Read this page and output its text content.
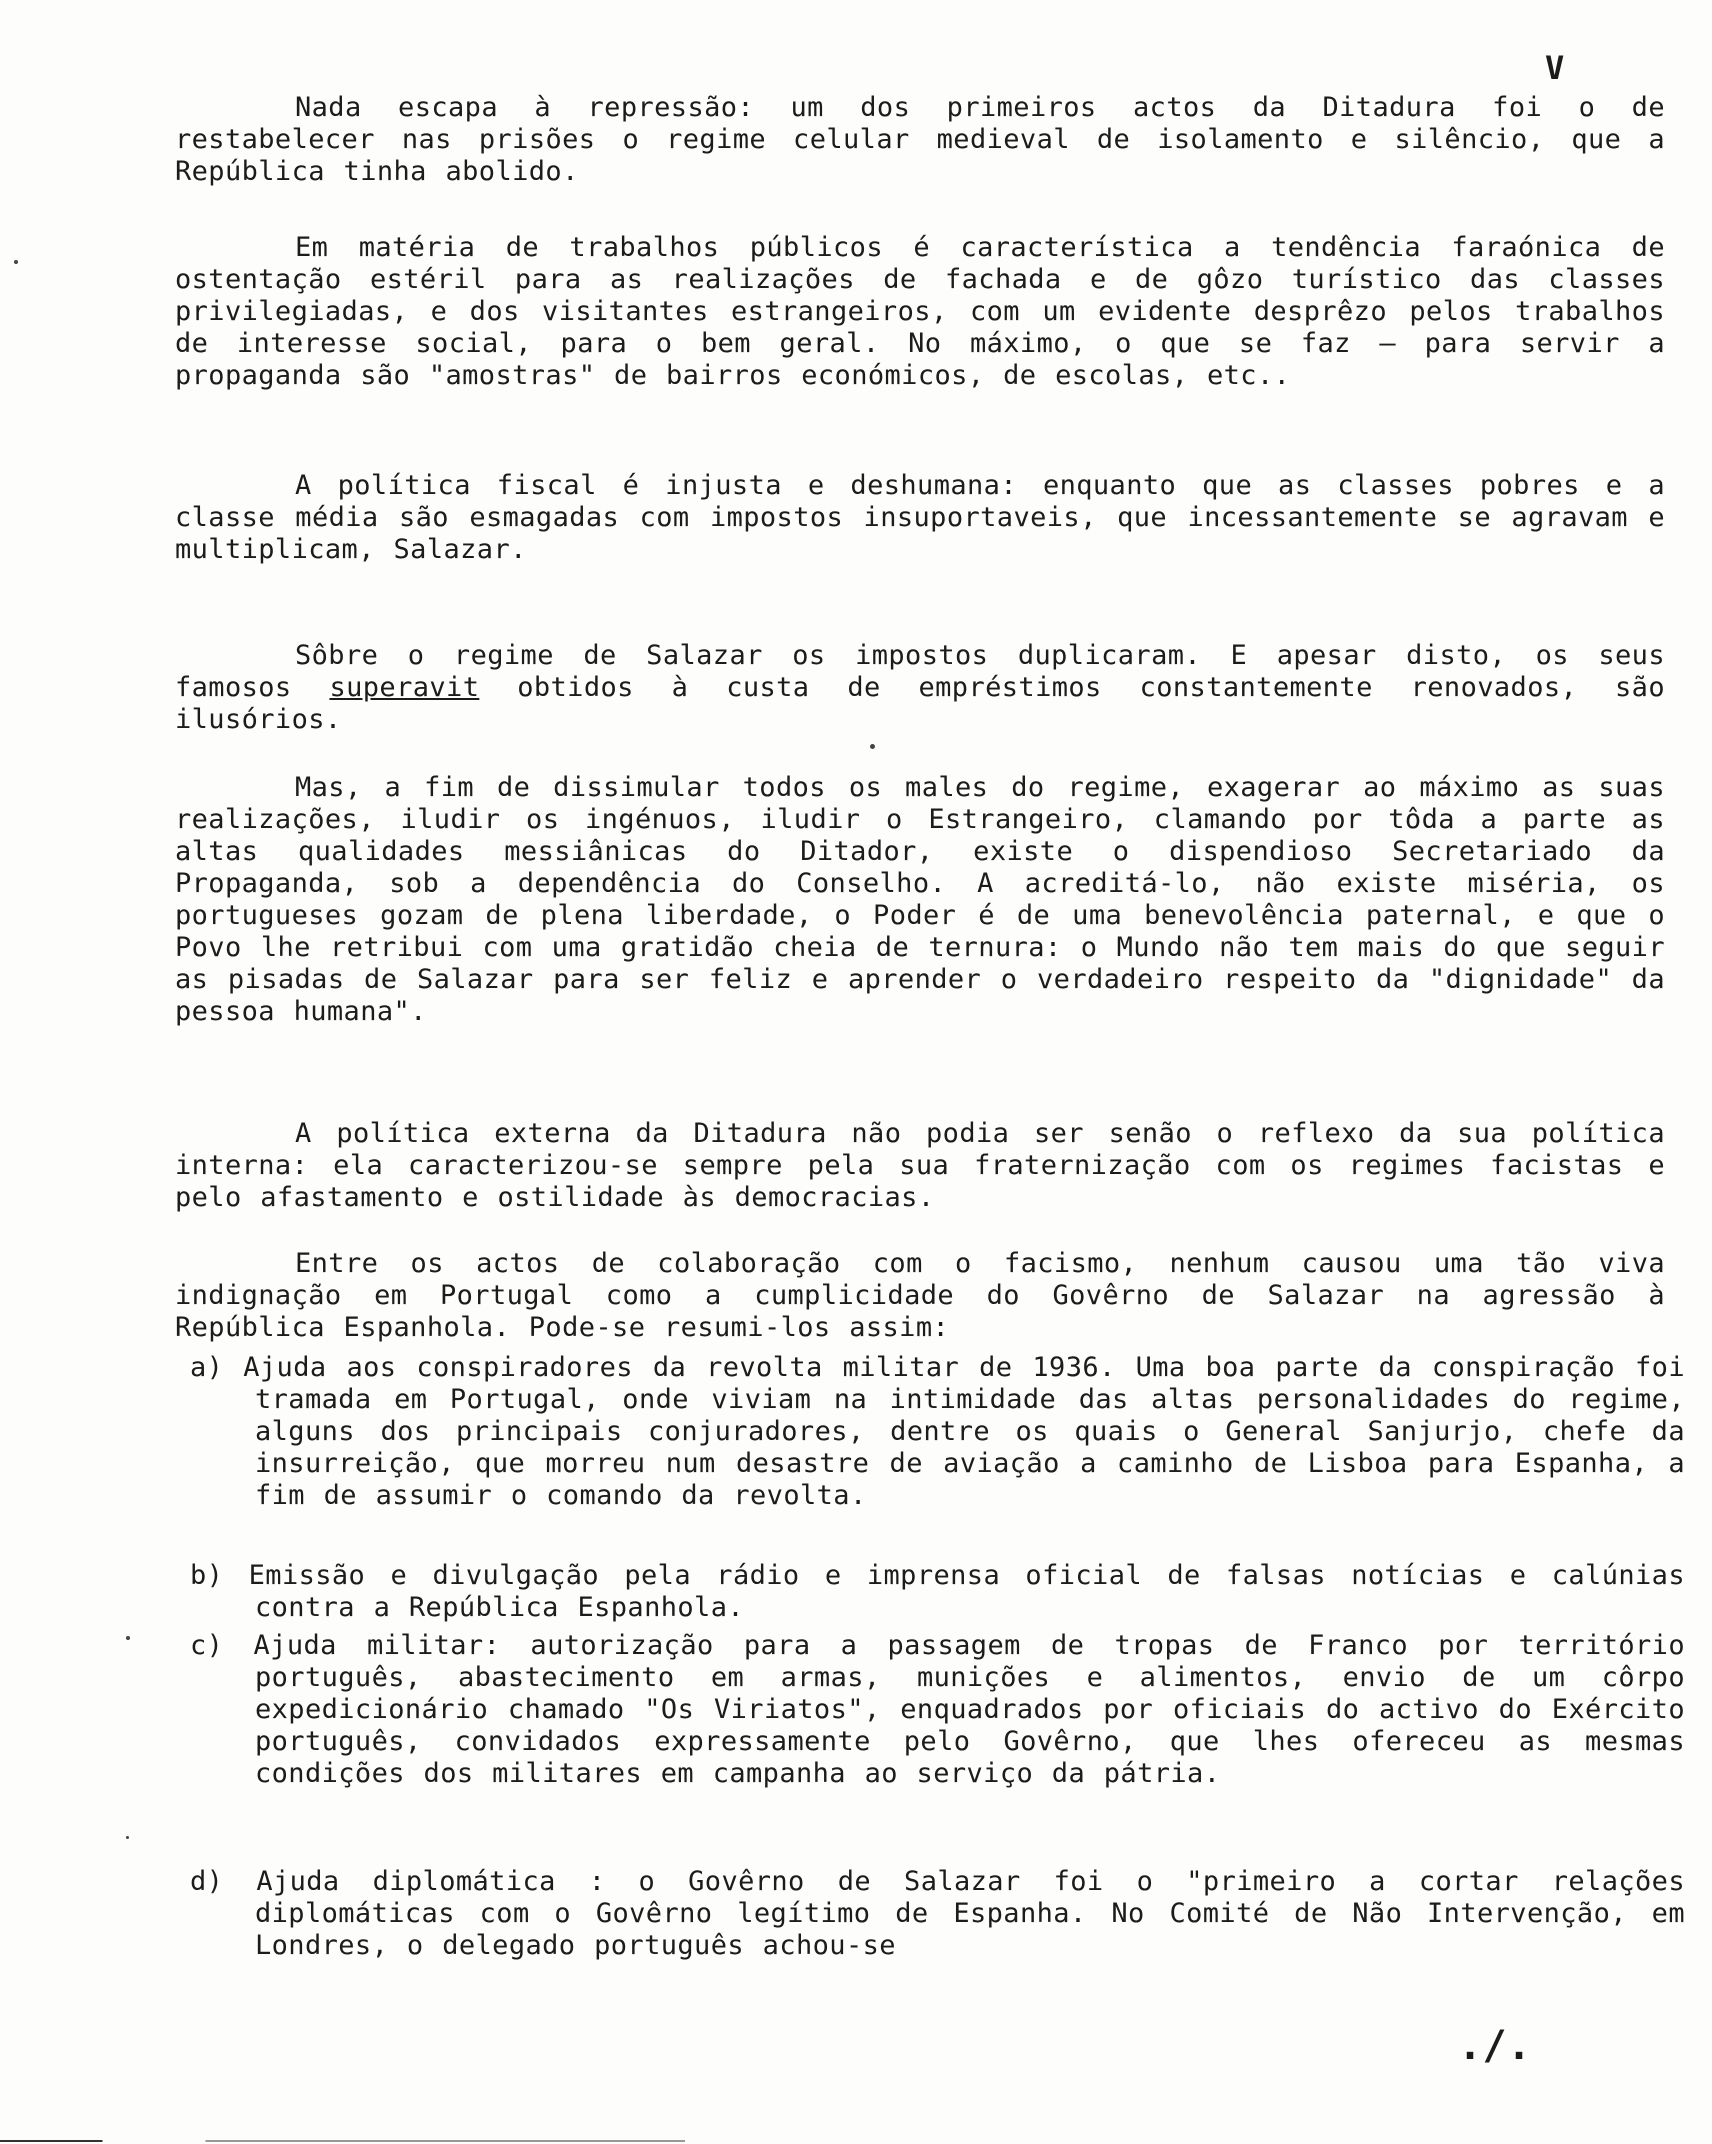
V

Nada escapa à repressão: um dos primeiros actos da Ditadura foi o de restabelecer nas prisões o regime celular medieval de isolamento e silêncio, que a República tinha abolido.

Em matéria de trabalhos públicos é característica a tendência faraónica de ostentação estéril para as realizações de fachada e de gôzo turístico das classes privilegiadas, e dos visitantes estrangeiros, com um evidente desprêzo pelos trabalhos de interesse social, para o bem geral. No máximo, o que se faz – para servir a propaganda são "amostras" de bairros económicos, de escolas, etc..

A política fiscal é injusta e deshumana: enquanto que as classes pobres e a classe média são esmagadas com impostos insuportaveis, que incessantemente se agravam e multiplicam, Salazar.

Sôbre o regime de Salazar os impostos duplicaram. E apesar disto, os seus famosos superavit obtidos à custa de empréstimos constantemente renovados, são ilusórios.

Mas, a fim de dissimular todos os males do regime, exagerar ao máximo as suas realizações, iludir os ingénuos, iludir o Estrangeiro, clamando por tôda a parte as altas qualidades messiânicas do Ditador, existe o dispendioso Secretariado da Propaganda, sob a dependência do Conselho. A acreditá-lo, não existe miséria, os portugueses gozam de plena liberdade, o Poder é de uma benevolência paternal, e que o Povo lhe retribui com uma gratidão cheia de ternura: o Mundo não tem mais do que seguir as pisadas de Salazar para ser feliz e aprender o verdadeiro respeito da "dignidade" da pessoa humana".

A política externa da Ditadura não podia ser senão o reflexo da sua política interna: ela caracterizou-se sempre pela sua fraternização com os regimes facistas e pelo afastamento e ostilidade às democracias.

Entre os actos de colaboração com o facismo, nenhum causou uma tão viva indignação em Portugal como a cumplicidade do Govêrno de Salazar na agressão à República Espanhola. Pode-se resumi-los assim:

a) Ajuda aos conspiradores da revolta militar de 1936. Uma boa parte da conspiração foi tramada em Portugal, onde viviam na intimidade das altas personalidades do regime, alguns dos principais conjuradores, dentre os quais o General Sanjurjo, chefe da insurreição, que morreu num desastre de aviação a caminho de Lisboa para Espanha, a fim de assumir o comando da revolta.

b) Emissão e divulgação pela rádio e imprensa oficial de falsas notícias e calúnias contra a República Espanhola.

c) Ajuda militar: autorização para a passagem de tropas de Franco por território português, abastecimento em armas, munições e alimentos, envio de um côrpo expedicionário chamado "Os Viriatos", enquadrados por oficiais do activo do Exército português, convidados expressamente pelo Govêrno, que lhes ofereceu as mesmas condições dos militares em campanha ao serviço da pátria.

d) Ajuda diplomática : o Govêrno de Salazar foi o "primeiro a cortar relações diplomáticas com o Govêrno legítimo de Espanha. No Comité de Não Intervenção, em Londres, o delegado português achou-se

./.
